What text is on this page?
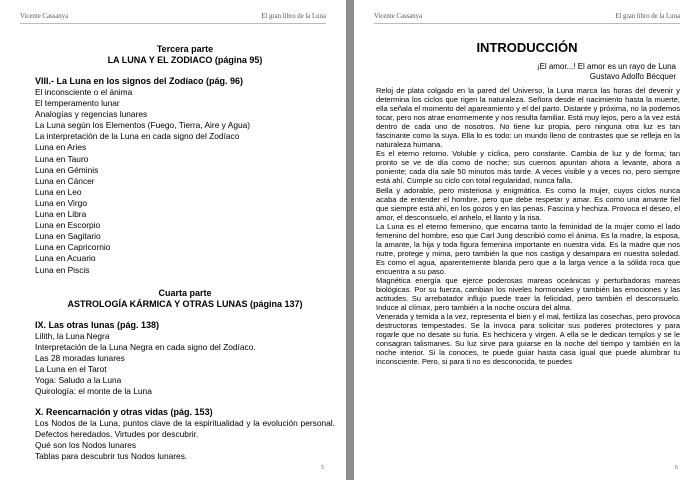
Vicente Cassanya	El gran libro de la Luna
Tercera parte
LA LUNA Y EL ZODIACO (página 95)
VIII.- La Luna en los signos del Zodíaco (pág. 96)
El inconsciente o el ánima
El temperamento lunar
Analogías y regencias lunares
La Luna según los Elementos (Fuego, Tierra, Aire y Agua)
La interpretación de la Luna en cada signo del Zodíaco
Luna en Aries
Luna en Tauro
Luna en Géminis
Luna en Cáncer
Luna en Leo
Luna en Virgo
Luna en Libra
Luna en Escorpio
Luna en Sagitario
Luna en Capricornio
Luna en Acuario
Luna en Piscis
Cuarta parte
ASTROLOGÍA KÁRMICA Y OTRAS LUNAS (página 137)
IX. Las otras lunas (pág. 138)
Lilith, la Luna Negra
Interpretación de la Luna Negra en cada signo del Zodíaco.
Las 28 moradas lunares
La Luna en el Tarot
Yoga: Saludo a la Luna
Quirología: el monte de la Luna
X. Reencarnación y otras vidas (pág. 153)
Los Nodos de la Luna, puntos clave de la espiritualidad y la evolución personal. Defectos heredados. Virtudes por descubrir.
Qué son los Nodos lunares
Tablas para descubrir tus Nodos lunares.
5
Vicente Cassanya	El gran libro de la Luna
INTRODUCCIÓN
¡El amor...! El amor es un rayo de Luna
Gustavo Adolfo Bécquer

Reloj de plata colgado en la pared del Universo, la Luna marca las horas del devenir y determina los ciclos que rigen la naturaleza. Señora desde el nacimiento hasta la muerte, ella señala el momento del apareamiento y el del parto. Distante y próxima, no la podemos tocar, pero nos atrae enormemente y nos resulta familiar. Está muy lejos, pero a la vez está dentro de cada uno de nosotros. No tiene luz propia, pero ninguna otra luz es tan fascinante como la suya. Ella lo es todo: un mundo lleno de contrastes que se refleja en la naturaleza humana.

Es el eterno retorno. Voluble y cíclica, pero constante. Cambia de luz y de forma; tan pronto se ve de día como de noche; sus cuernos apuntan ahora a levante, ahora a poniente; cada día sale 50 minutos más tarde. A veces visible y a veces no, pero siempre está ahí. Cumple su ciclo con total regularidad, nunca falla.

Bella y adorable, pero misteriosa y enigmática. Es como la mujer, cuyos ciclos nunca acaba de entender el hombre, pero que debe respetar y amar. Es como una amante fiel que siempre está ahí, en los gozos y en las penas. Fascina y hechiza. Provoca el deseo, el amor, el desconsuelo, el anhelo, el llanto y la risa.

La Luna es el eterno femenino, que encarna tanto la feminidad de la mujer como el lado femenino del hombre, eso que Carl Jung describió como el ánima. Es la madre, la esposa, la amante, la hija y toda figura femenina importante en nuestra vida. Es la madre que nos nutre, protege y mima, pero también la que nos castiga y desampara en nuestra soledad. Es como el agua, aparentemente blanda pero que a la larga vence a la sólida roca que encuentra a su paso.

Magnética energía que ejerce poderosas mareas oceánicas y perturbadoras mareas biológicas. Por su fuerza, cambian los niveles hormonales y también las emociones y las actitudes. Su arrebatador influjo puede traer la felicidad, pero también el desconsuelo. Induce al clímax, pero también a la noche oscura del alma.

Venerada y temida a la vez, representa el bien y el mal, fertiliza las cosechas, pero provoca destructoras tempestades. Se la invoca para solicitar sus poderes protectores y para rogarle que no desate su furia. Es hechicera y virgen. A ella se le dedican templos y se le consagran talismanes. Su luz sirve para guiarse en la noche del tiempo y también en la noche interior. Si la conoces, te puede guiar hasta casa igual que puede alumbrar tu inconsciente. Pero, si para ti no es desconocida, te puedes

6
